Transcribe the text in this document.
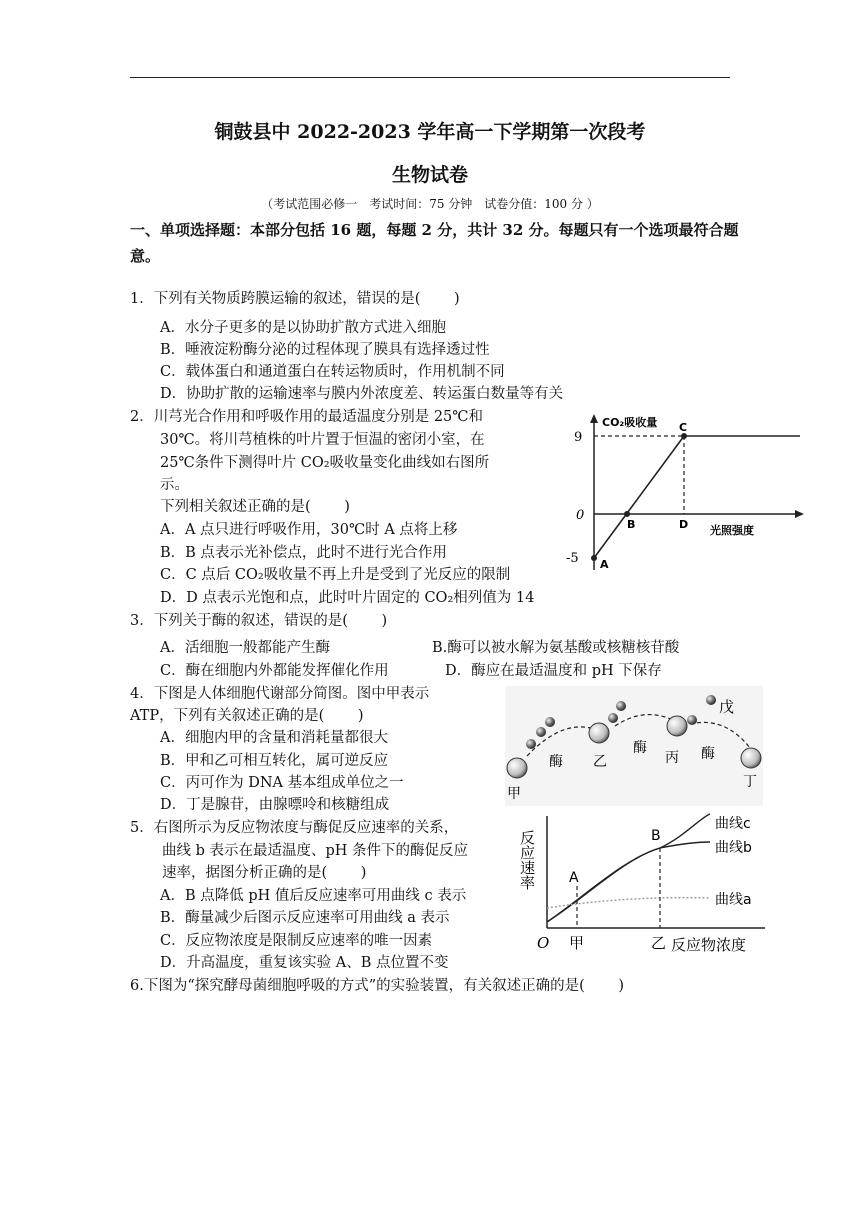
铜鼓县中 2022-2023 学年高一下学期第一次段考
生物试卷
（考试范围必修一　考试时间：75 分钟　试卷分值：100 分 ）
一、单项选择题：本部分包括 16 题，每题 2 分，共计 32 分。每题只有一个选项最符合题意。
1．下列有关物质跨膜运输的叙述，错误的是(　　 )
A．水分子更多的是以协助扩散方式进入细胞
B．唾液淀粉酶分泌的过程体现了膜具有选择透过性
C．载体蛋白和通道蛋白在转运物质时，作用机制不同
D．协助扩散的运输速率与膜内外浓度差、转运蛋白数量等有关
2．川芎光合作用和呼吸作用的最适温度分别是 25℃和
30℃。将川芎植株的叶片置于恒温的密闭小室，在
25℃条件下测得叶片 CO₂吸收量变化曲线如右图所
示。
下列相关叙述正确的是(　　 )
A．A 点只进行呼吸作用，30℃时 A 点将上移
B．B 点表示光补偿点，此时不进行光合作用
C．C 点后 CO₂吸收量不再上升是受到了光反应的限制
D．D 点表示光饱和点，此时叶片固定的 CO₂相列值为 14
CO₂吸收量
光照强度
9
0
-5 A
B
C
D
3．下列关于酶的叙述，错误的是(　　 )
A．活细胞一般都能产生酶	B.酶可以被水解为氨基酸或核糖核苷酸
C．酶在细胞内外都能发挥催化作用	D．酶应在最适温度和 pH 下保存
4．下图是人体细胞代谢部分简图。图中甲表示
ATP，下列有关叙述正确的是(　　 )
A．细胞内甲的含量和消耗量都很大
B．甲和乙可相互转化，属可逆反应
C．丙可作为 DNA 基本组成单位之一
D．丁是腺苷，由腺嘌呤和核糖组成
甲
乙	丙
丁
戊
酶
酶	酶
5．右图所示为反应物浓度与酶促反应速率的关系，
曲线 b 表示在最适温度、pH 条件下的酶促反应
速率，据图分析正确的是(　　 )
A．B 点降低 pH 值后反应速率可用曲线 c 表示
B．酶量减少后图示反应速率可用曲线 a 表示
C．反应物浓度是限制反应速率的唯一因素
D．升高温度，重复该实验 A、B 点位置不变
反应速率
反应物浓度
O 甲	乙
A
B
曲线c
曲线b
曲线a
6.下图为“探究酵母菌细胞呼吸的方式”的实验装置，有关叙述正确的是(　　 )
